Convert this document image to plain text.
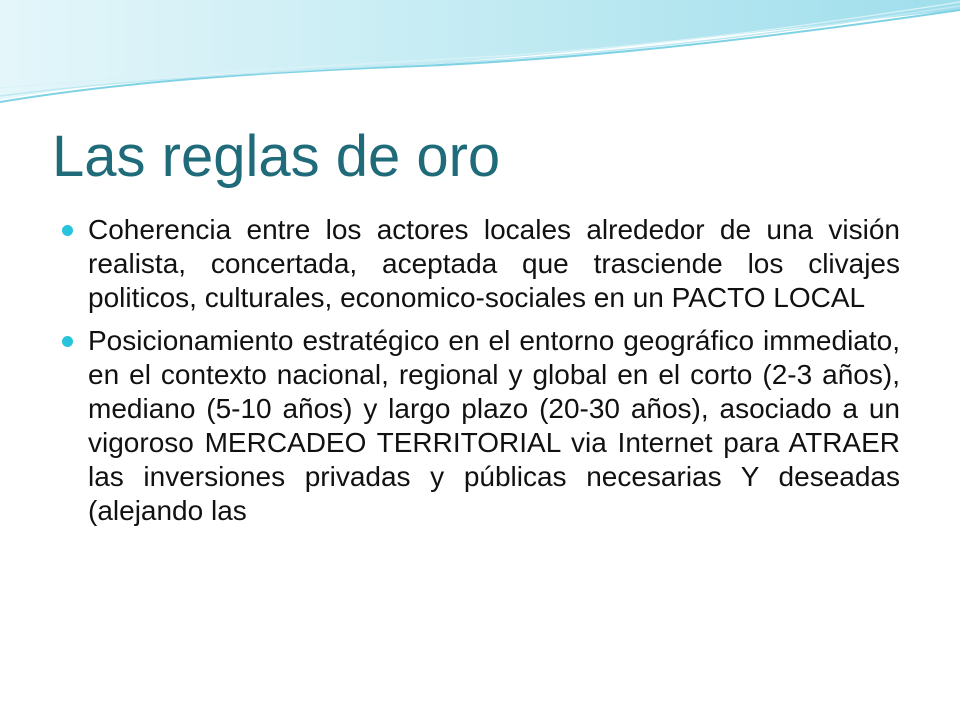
Las reglas de oro
Coherencia entre los actores locales alrededor de una visión realista, concertada, aceptada que trasciende los clivajes politicos, culturales, economico-sociales en un PACTO LOCAL
Posicionamiento estratégico en el entorno geográfico immediato, en el contexto nacional, regional y global en el corto (2-3 años), mediano (5-10 años) y largo plazo (20-30 años), asociado a un vigoroso MERCADEO TERRITORIAL via Internet para ATRAER las inversiones privadas y públicas necesarias Y deseadas (alejando las
